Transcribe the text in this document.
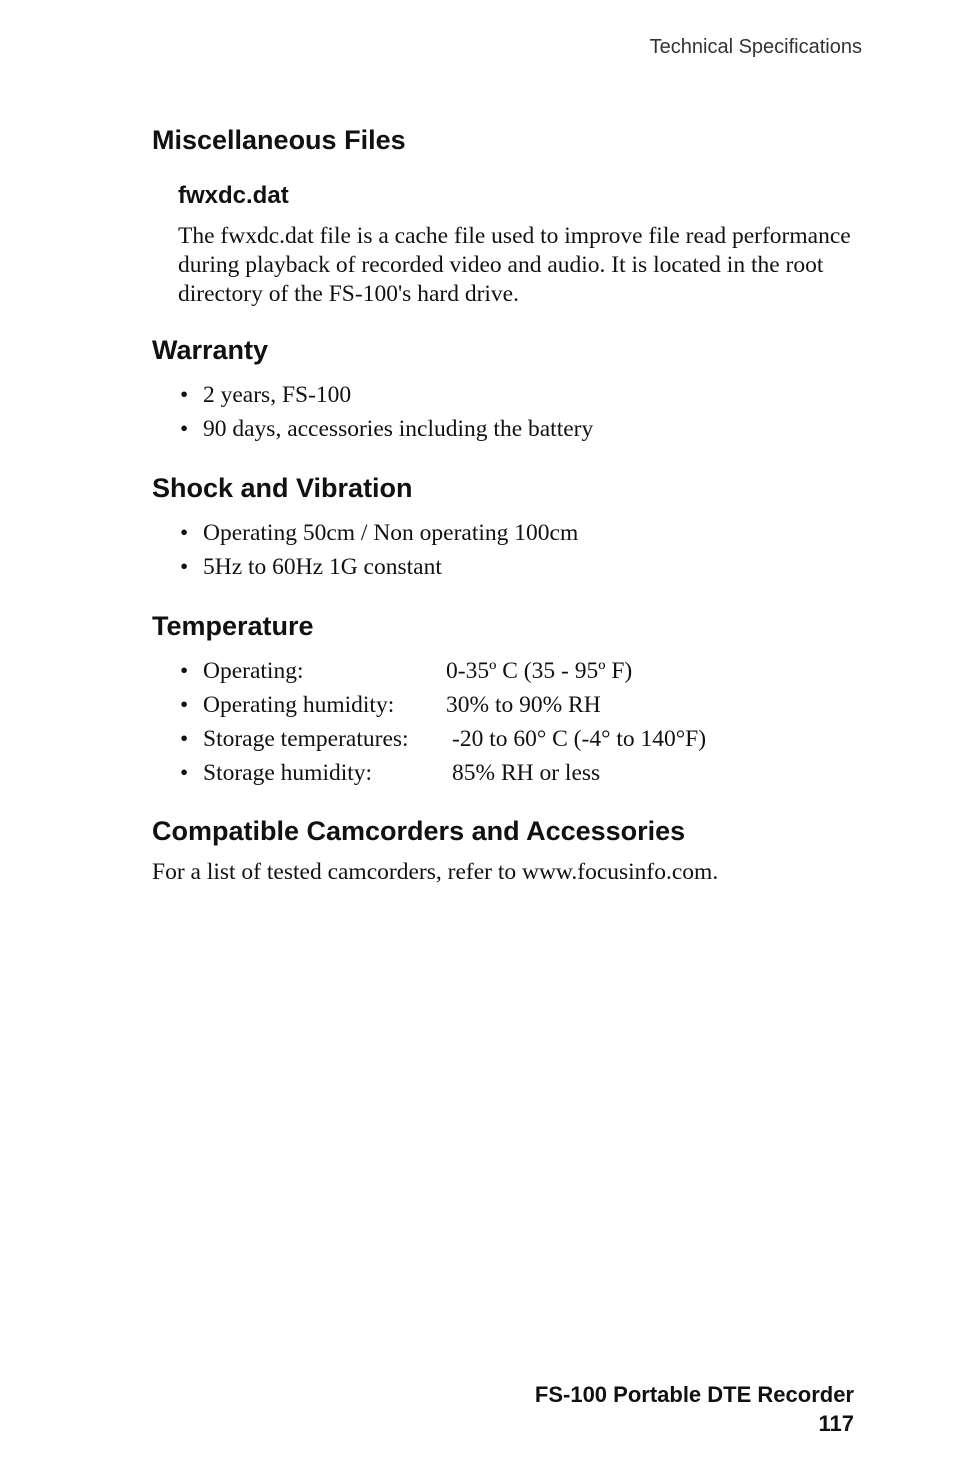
Technical Specifications
Miscellaneous Files
fwxdc.dat

The fwxdc.dat file is a cache file used to improve file read performance during playback of recorded video and audio. It is located in the root directory of the FS-100's hard drive.

Warranty
• 2 years, FS-100
• 90 days, accessories including the battery
Shock and Vibration
• Operating 50cm / Non operating 100cm
• 5Hz to 60Hz 1G constant
Temperature
• Operating:	0-35º C (35 - 95º F)
• Operating humidity: 30% to 90% RH
• Storage temperatures: -20 to 60° C (-4° to 140°F)
• Storage humidity:	85% RH or less
Compatible Camcorders and Accessories

For a list of tested camcorders, refer to www.focusinfo.com.

FS-100 Portable DTE Recorder
117
